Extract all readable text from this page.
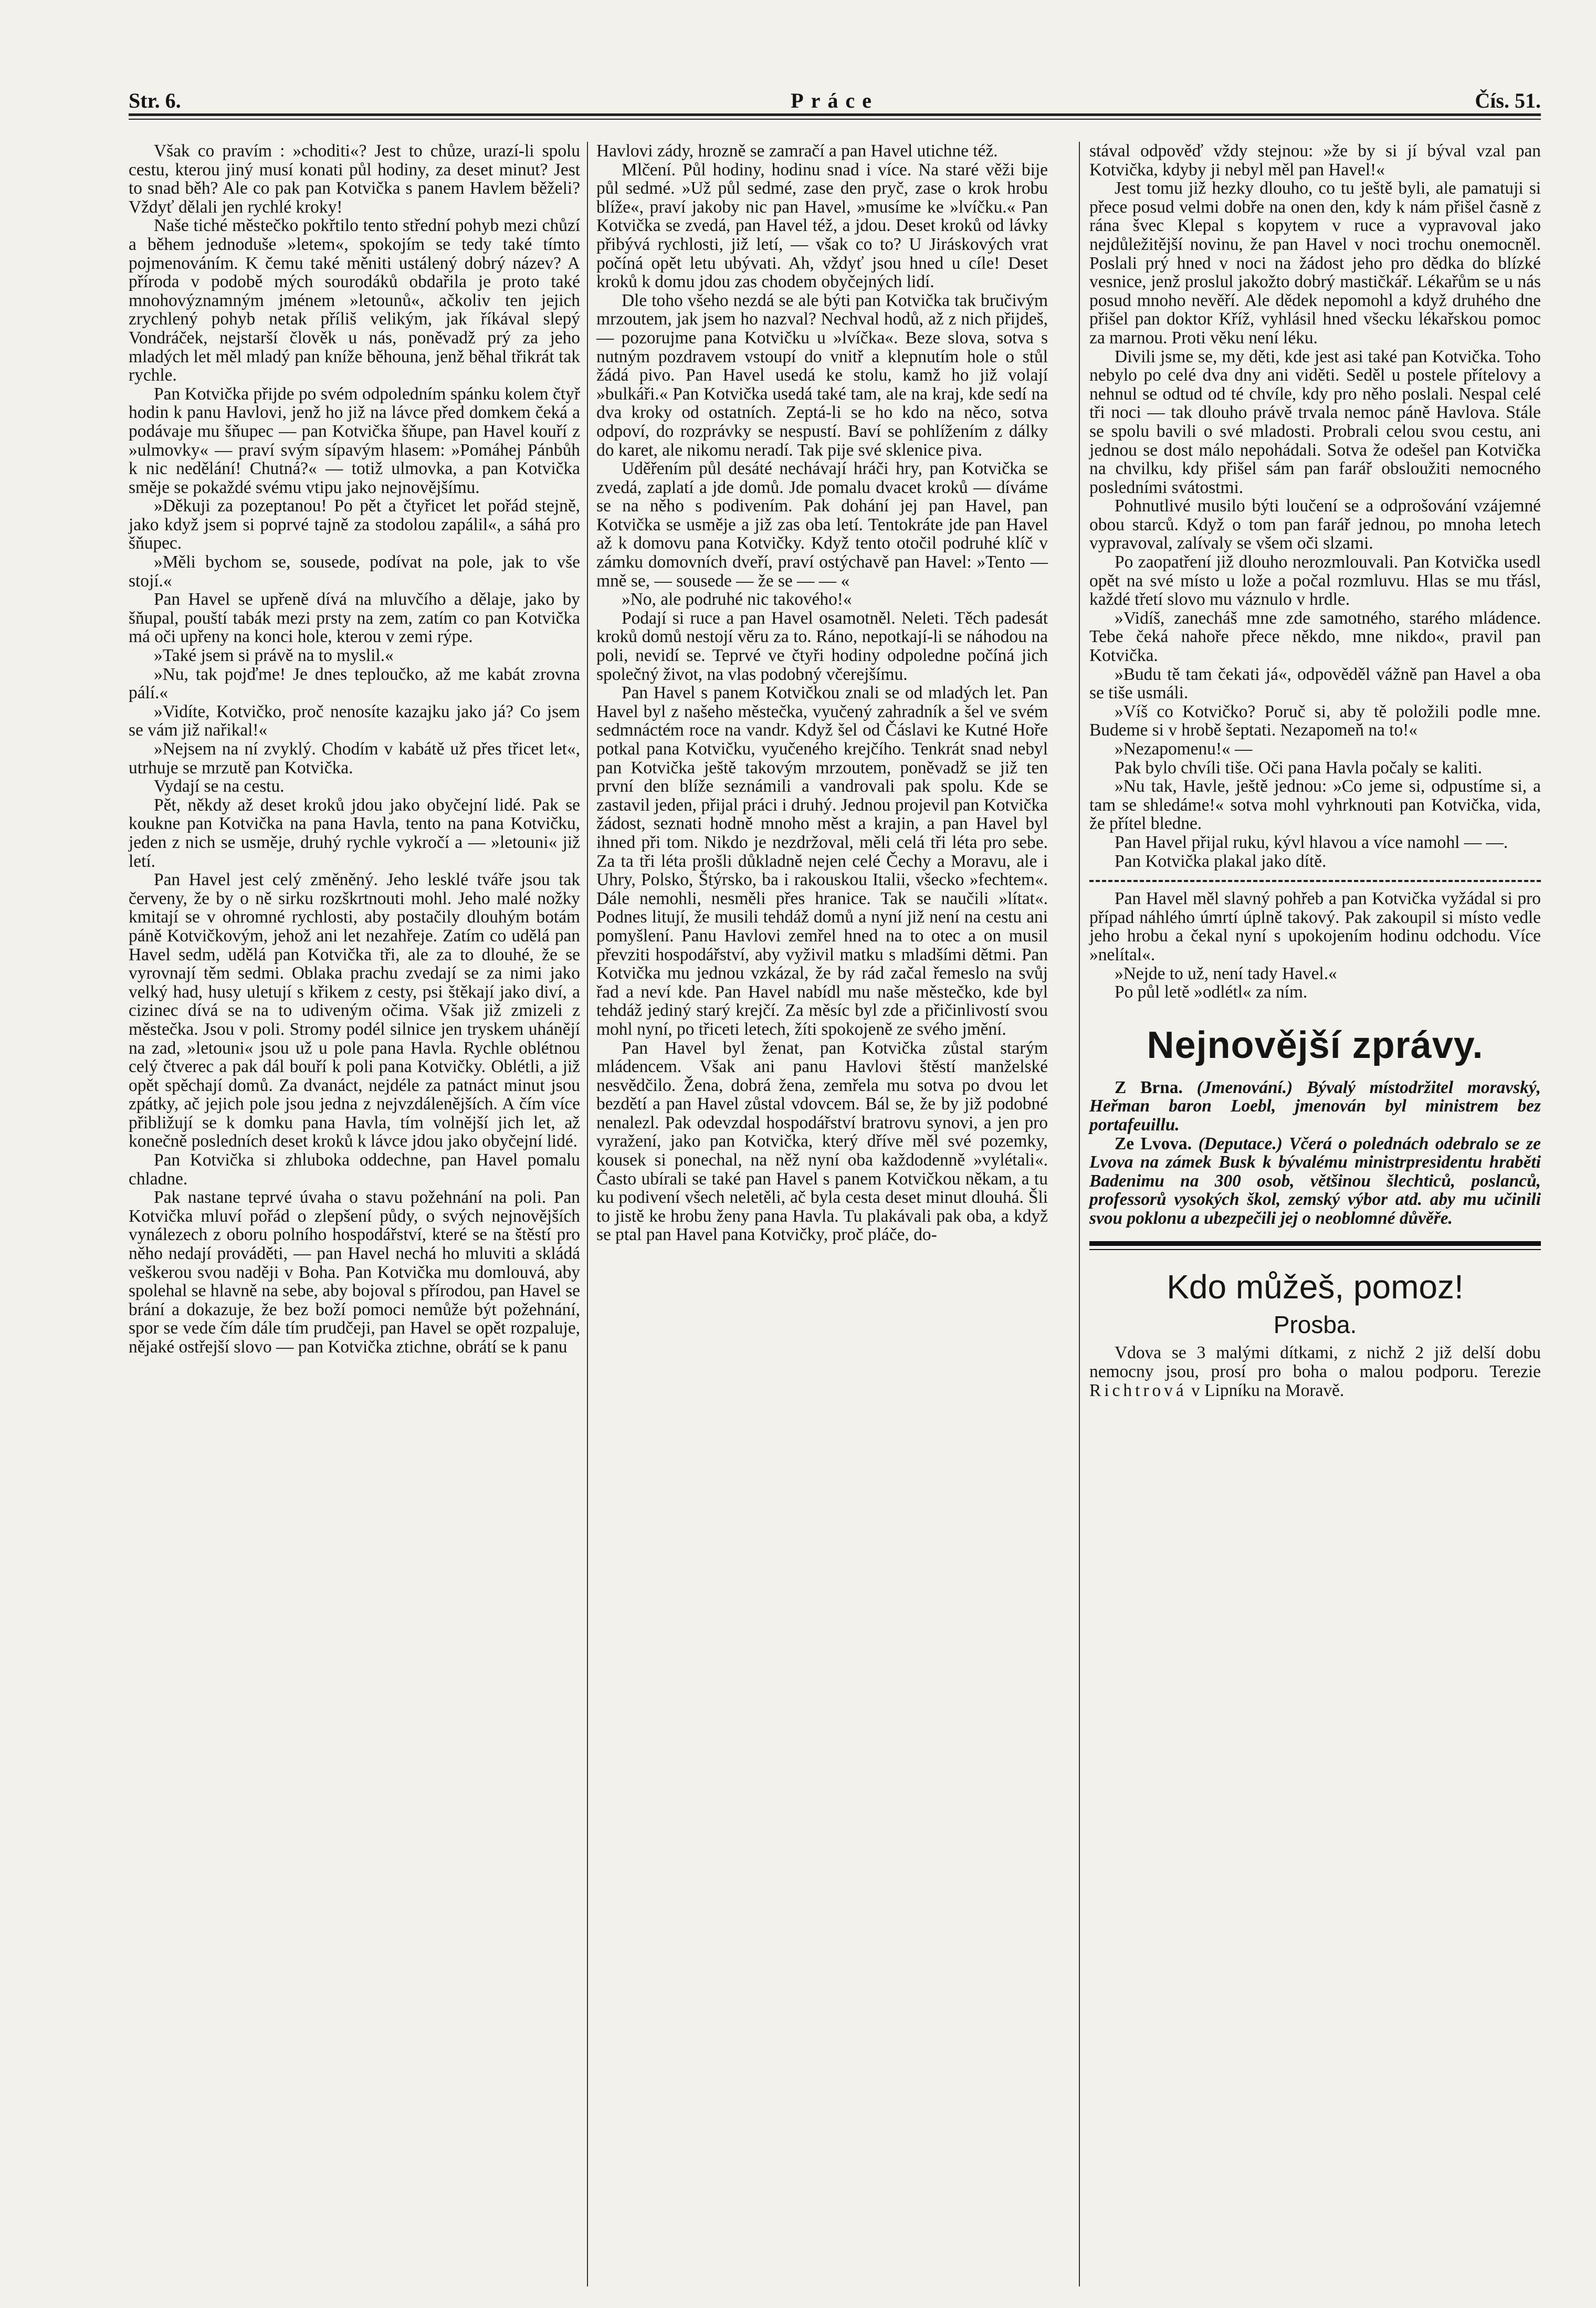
Str. 6.	Práce	Čís. 51.

Však co pravím : »choditi«? Jest to chůze, urazí-li spolu cestu, kterou jiný musí konati půl hodiny, za deset minut? Jest to snad běh? Ale co pak pan Kotvička s panem Havlem běželi? Vždyť dělali jen rychlé kroky!

Naše tiché městečko pokřtilo tento střední pohyb mezi chůzí a během jednoduše »letem«, spokojím se tedy také tímto pojmenováním. K čemu také měniti ustálený dobrý název? A příroda v podobě mých sourodáků obdařila je proto také mnohovýznamným jménem »letounů«, ačkoliv ten jejich zrychlený pohyb netak příliš velikým, jak říkával slepý Vondráček, nejstarší člověk u nás, poněvadž prý za jeho mladých let měl mladý pan kníže běhouna, jenž běhal třikrát tak rychle.

Pan Kotvička přijde po svém odpoledním spánku kolem čtyř hodin k panu Havlovi, jenž ho již na lávce před domkem čeká a podávaje mu šňupec — pan Kotvička šňupe, pan Havel kouří z »ulmovky« — praví svým sípavým hlasem: »Pomáhej Pánbůh k nic nedělání! Chutná?« — totiž ulmovka, a pan Kotvička směje se pokaždé svému vtipu jako nejnovějšímu.

»Děkuji za pozeptanou! Po pět a čtyřicet let pořád stejně, jako když jsem si poprvé tajně za stodolou zapálil«, a sáhá pro šňupec.

»Měli bychom se, sousede, podívat na pole, jak to vše stojí.«

Pan Havel se upřeně dívá na mluvčího a dělaje, jako by šňupal, pouští tabák mezi prsty na zem, zatím co pan Kotvička má oči upřeny na konci hole, kterou v zemi rýpe.

»Také jsem si právě na to myslil.«

»Nu, tak pojďme! Je dnes teploučko, až me kabát zrovna pálí.«

»Vidíte, Kotvičko, proč nenosíte kazajku jako já? Co jsem se vám již nařikal!«

»Nejsem na ní zvyklý. Chodím v kabátě už přes třicet let«, utrhuje se mrzutě pan Kotvička.

Vydají se na cestu.

Pět, někdy až deset kroků jdou jako obyčejní lidé. Pak se koukne pan Kotvička na pana Havla, tento na pana Kotvičku, jeden z nich se usměje, druhý rychle vykročí a — »letouni« již letí.

Pan Havel jest celý změněný. Jeho lesklé tváře jsou tak červeny, že by o ně sirku rozškrtnouti mohl. Jeho malé nožky kmitají se v ohromné rychlosti, aby postačily dlouhým botám páně Kotvičkovým, jehož ani let nezahřeje. Zatím co udělá pan Havel sedm, udělá pan Kotvička tři, ale za to dlouhé, že se vyrovnají těm sedmi. Oblaka prachu zvedají se za nimi jako velký had, husy uletují s křikem z cesty, psi štěkají jako diví, a cizinec dívá se na to udiveným očima. Však již zmizeli z městečka. Jsou v poli. Stromy podél silnice jen tryskem uhánějí na zad, »letouni« jsou už u pole pana Havla. Rychle oblétnou celý čtverec a pak dál bouří k poli pana Kotvičky. Oblétli, a již opět spěchají domů. Za dvanáct, nejdéle za patnáct minut jsou zpátky, ač jejich pole jsou jedna z nejvzdálenějších. A čím více přibližují se k domku pana Havla, tím volnější jich let, až konečně posledních deset kroků k lávce jdou jako obyčejní lidé.

Pan Kotvička si zhluboka oddechne, pan Havel pomalu chladne.

Pak nastane teprvé úvaha o stavu požehnání na poli. Pan Kotvička mluví pořád o zlepšení půdy, o svých nejnovějších vynálezech z oboru polního hospodářství, které se na štěstí pro něho nedají prováděti, — pan Havel nechá ho mluviti a skládá veškerou svou naději v Boha. Pan Kotvička mu domlouvá, aby spolehal se hlavně na sebe, aby bojoval s přírodou, pan Havel se brání a dokazuje, že bez boží pomoci nemůže být požehnání, spor se vede čím dále tím prudčeji, pan Havel se opět rozpaluje, nějaké ostřejší slovo — pan Kotvička ztichne, obrátí se k panu

Havlovi zády, hrozně se zamračí a pan Havel utichne též.

Mlčení. Půl hodiny, hodinu snad i více. Na staré věži bije půl sedmé. »Už půl sedmé, zase den pryč, zase o krok hrobu blíže«, praví jakoby nic pan Havel, »musíme ke »lvíčku.« Pan Kotvička se zvedá, pan Havel též, a jdou. Deset kroků od lávky přibývá rychlosti, již letí, — však co to? U Jiráskových vrat počíná opět letu ubývati. Ah, vždyť jsou hned u cíle! Deset kroků k domu jdou zas chodem obyčejných lidí.

Dle toho všeho nezdá se ale býti pan Kotvička tak bručivým mrzoutem, jak jsem ho nazval? Nechval hodů, až z nich přijdeš, — pozorujme pana Kotvičku u »lvíčka«. Beze slova, sotva s nutným pozdravem vstoupí do vnitř a klepnutím hole o stůl žádá pivo. Pan Havel usedá ke stolu, kamž ho již volají »bulkáři.« Pan Kotvička usedá také tam, ale na kraj, kde sedí na dva kroky od ostatních. Zeptá-li se ho kdo na něco, sotva odpoví, do rozprávky se nespustí. Baví se pohlížením z dálky do karet, ale nikomu neradí. Tak pije své sklenice piva.

Uděřením půl desáté nechávají hráči hry, pan Kotvička se zvedá, zaplatí a jde domů. Jde pomalu dvacet kroků — díváme se na něho s podivením. Pak dohání jej pan Havel, pan Kotvička se usměje a již zas oba letí. Tentokráte jde pan Havel až k domovu pana Kotvičky. Když tento otočil podruhé klíč v zámku domovních dveří, praví ostýchavě pan Havel: »Tento — mně se, — sousede — že se — — «

»No, ale podruhé nic takového!«

Podají si ruce a pan Havel osamotněl. Neleti. Těch padesát kroků domů nestojí věru za to. Ráno, nepotkají-li se náhodou na poli, nevidí se. Teprvé ve čtyři hodiny odpoledne počíná jich společný život, na vlas podobný včerejšímu.

Pan Havel s panem Kotvičkou znali se od mladých let. Pan Havel byl z našeho městečka, vyučený zahradník a šel ve svém sedmnáctém roce na vandr. Když šel od Čáslavi ke Kutné Hoře potkal pana Kotvičku, vyučeného krejčího. Tenkrát snad nebyl pan Kotvička ještě takovým mrzoutem, poněvadž se již ten první den blíže seznámili a vandrovali pak spolu. Kde se zastavil jeden, přijal práci i druhý. Jednou projevil pan Kotvička žádost, seznati hodně mnoho měst a krajin, a pan Havel byl ihned při tom. Nikdo je nezdržoval, měli celá tři léta pro sebe. Za ta tři léta prošli důkladně nejen celé Čechy a Moravu, ale i Uhry, Polsko, Štýrsko, ba i rakouskou Italii, všecko »fechtem«. Dále nemohli, nesměli přes hranice. Tak se naučili »lítat«. Podnes litují, že musili tehdáž domů a nyní již není na cestu ani pomyšlení. Panu Havlovi zemřel hned na to otec a on musil převziti hospodářství, aby vyživil matku s mladšími dětmi. Pan Kotvička mu jednou vzkázal, že by rád začal řemeslo na svůj řad a neví kde. Pan Havel nabídl mu naše městečko, kde byl tehdáž jediný starý krejčí. Za měsíc byl zde a přičinlivostí svou mohl nyní, po třiceti letech, žíti spokojeně ze svého jmění.

Pan Havel byl ženat, pan Kotvička zůstal starým mládencem. Však ani panu Havlovi štěstí manželské nesvědčilo. Žena, dobrá žena, zemřela mu sotva po dvou let bezdětí a pan Havel zůstal vdovcem. Bál se, že by již podobné nenalezl. Pak odevzdal hospodářství bratrovu synovi, a jen pro vyražení, jako pan Kotvička, který dříve měl své pozemky, kousek si ponechal, na něž nyní oba každodenně »vylétali«. Často ubírali se také pan Havel s panem Kotvičkou někam, a tu ku podivení všech neletěli, ač byla cesta deset minut dlouhá. Šli to jistě ke hrobu ženy pana Havla. Tu plakávali pak oba, a když se ptal pan Havel pana Kotvičky, proč pláče, do-

stával odpověď vždy stejnou: »že by si jí býval vzal pan Kotvička, kdyby ji nebyl měl pan Havel!«

Jest tomu již hezky dlouho, co tu ještě byli, ale pamatuji si přece posud velmi dobře na onen den, kdy k nám přišel časně z rána švec Klepal s kopytem v ruce a vypravoval jako nejdůležitější novinu, že pan Havel v noci trochu onemocněl. Poslali prý hned v noci na žádost jeho pro dědka do blízké vesnice, jenž proslul jakožto dobrý mastičkář. Lékařům se u nás posud mnoho nevěří. Ale dědek nepomohl a když druhého dne přišel pan doktor Kříž, vyhlásil hned všecku lékařskou pomoc za marnou. Proti věku není léku.

Divili jsme se, my děti, kde jest asi také pan Kotvička. Toho nebylo po celé dva dny ani viděti. Seděl u postele přítelovy a nehnul se odtud od té chvíle, kdy pro něho poslali. Nespal celé tři noci — tak dlouho právě trvala nemoc páně Havlova. Stále se spolu bavili o své mladosti. Probrali celou svou cestu, ani jednou se dost málo nepohádali. Sotva že odešel pan Kotvička na chvilku, kdy přišel sám pan farář obsloužiti nemocného posledními svátostmi.

Pohnutlivé musilo býti loučení se a odprošování vzájemné obou starců. Když o tom pan farář jednou, po mnoha letech vypravoval, zalívaly se všem oči slzami.

Po zaopatření již dlouho nerozmlouvali. Pan Kotvička usedl opět na své místo u lože a počal rozmluvu. Hlas se mu třásl, každé třetí slovo mu váznulo v hrdle.

»Vidíš, zanecháš mne zde samotného, starého mládence. Tebe čeká nahoře přece někdo, mne nikdo«, pravil pan Kotvička.

»Budu tě tam čekati já«, odpověděl vážně pan Havel a oba se tiše usmáli.

»Víš co Kotvičko? Poruč si, aby tě položili podle mne. Budeme si v hrobě šeptati. Nezapomeň na to!«

»Nezapomenu!« —

Pak bylo chvíli tiše. Oči pana Havla počaly se kaliti.

»Nu tak, Havle, ještě jednou: »Co jeme si, odpustíme si, a tam se shledáme!« sotva mohl vyhrknouti pan Kotvička, vida, že přítel bledne.

Pan Havel přijal ruku, kývl hlavou a více namohl — —.

Pan Kotvička plakal jako dítě.

Pan Havel měl slavný pohřeb a pan Kotvička vyžádal si pro případ náhlého úmrtí úplně takový. Pak zakoupil si místo vedle jeho hrobu a čekal nyní s upokojením hodinu odchodu. Více »nelítal«.

»Nejde to už, není tady Havel.«

Po půl letě »odlétl« za ním.

Nejnovější zprávy.

Z Brna. (Jmenování.) Bývalý místodržitel moravský, Heřman baron Loebl, jmenován byl ministrem bez portafeuillu.

Ze Lvova. (Deputace.) Včerá o polednách odebralo se ze Lvova na zámek Busk k bývalému ministrpresidentu hraběti Badenimu na 300 osob, většinou šlechticů, poslanců, professorů vysokých škol, zemský výbor atd. aby mu učinili svou poklonu a ubezpečili jej o neoblomné důvěře.

Kdo můžeš, pomoz!
Prosba.

Vdova se 3 malými dítkami, z nichž 2 již delší dobu nemocny jsou, prosí pro boha o malou podporu. Terezie Richtrová v Lipníku na Moravě.
